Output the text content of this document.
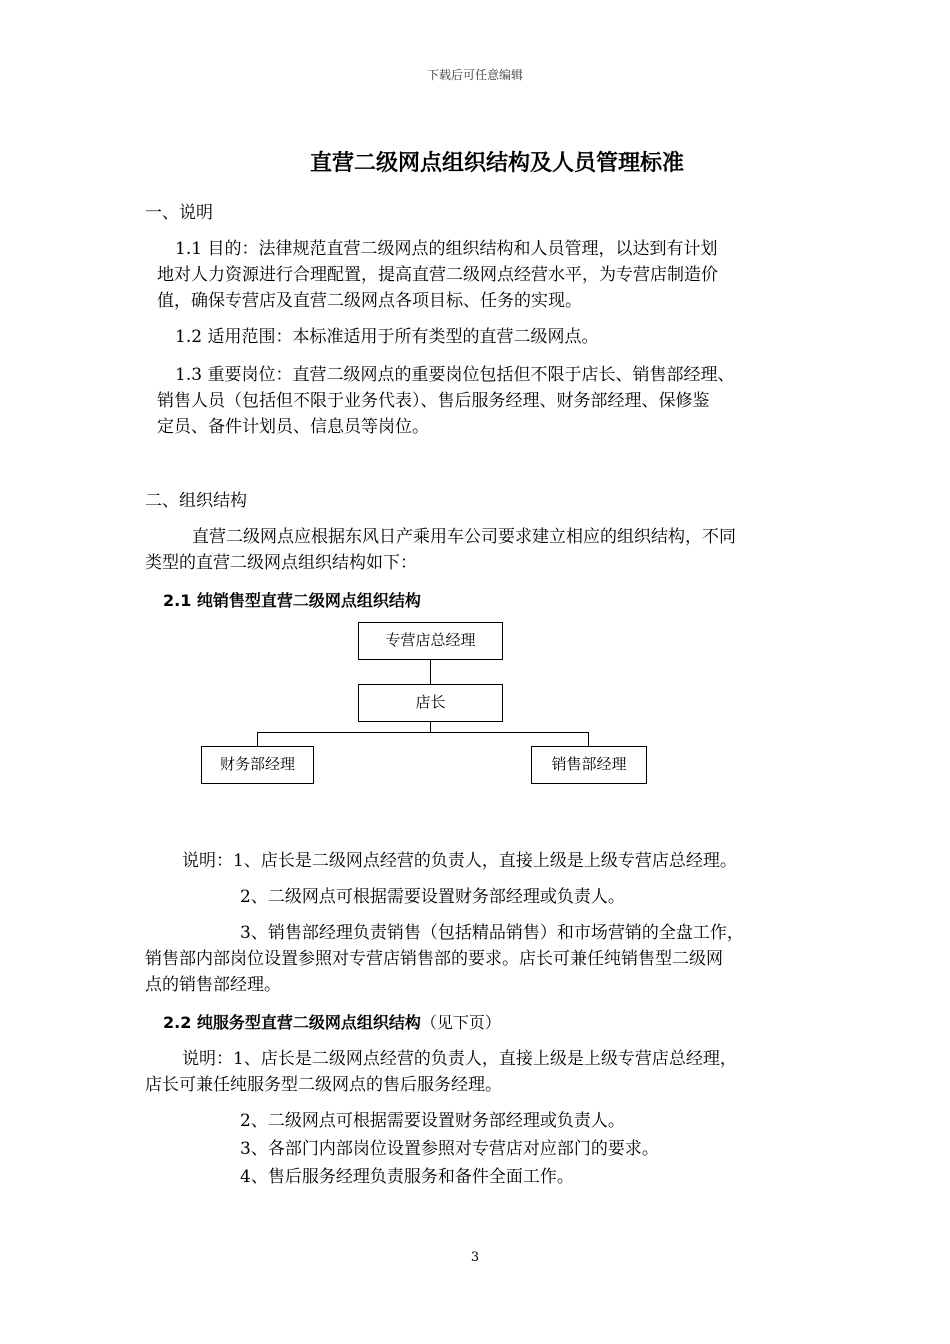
下载后可任意编辑
直营二级网点组织结构及人员管理标准
一、说明
1.1 目的：法律规范直营二级网点的组织结构和人员管理，以达到有计划
地对人力资源进行合理配置，提高直营二级网点经营水平，为专营店制造价
值，确保专营店及直营二级网点各项目标、任务的实现。
1.2 适用范围：本标准适用于所有类型的直营二级网点。
1.3 重要岗位：直营二级网点的重要岗位包括但不限于店长、销售部经理、
销售人员（包括但不限于业务代表）、售后服务经理、财务部经理、保修鉴
定员、备件计划员、信息员等岗位。
二、组织结构
直营二级网点应根据东风日产乘用车公司要求建立相应的组织结构，不同
类型的直营二级网点组织结构如下：
2.1 纯销售型直营二级网点组织结构
专营店总经理
店长
财务部经理	销售部经理
说明：1、店长是二级网点经营的负责人，直接上级是上级专营店总经理。
2、二级网点可根据需要设置财务部经理或负责人。
3、销售部经理负责销售（包括精品销售）和市场营销的全盘工作，
销售部内部岗位设置参照对专营店销售部的要求。店长可兼任纯销售型二级网
点的销售部经理。
2.2 纯服务型直营二级网点组织结构（见下页）
说明：1、店长是二级网点经营的负责人，直接上级是上级专营店总经理，
店长可兼任纯服务型二级网点的售后服务经理。
2、二级网点可根据需要设置财务部经理或负责人。
3、各部门内部岗位设置参照对专营店对应部门的要求。
4、售后服务经理负责服务和备件全面工作。
3
